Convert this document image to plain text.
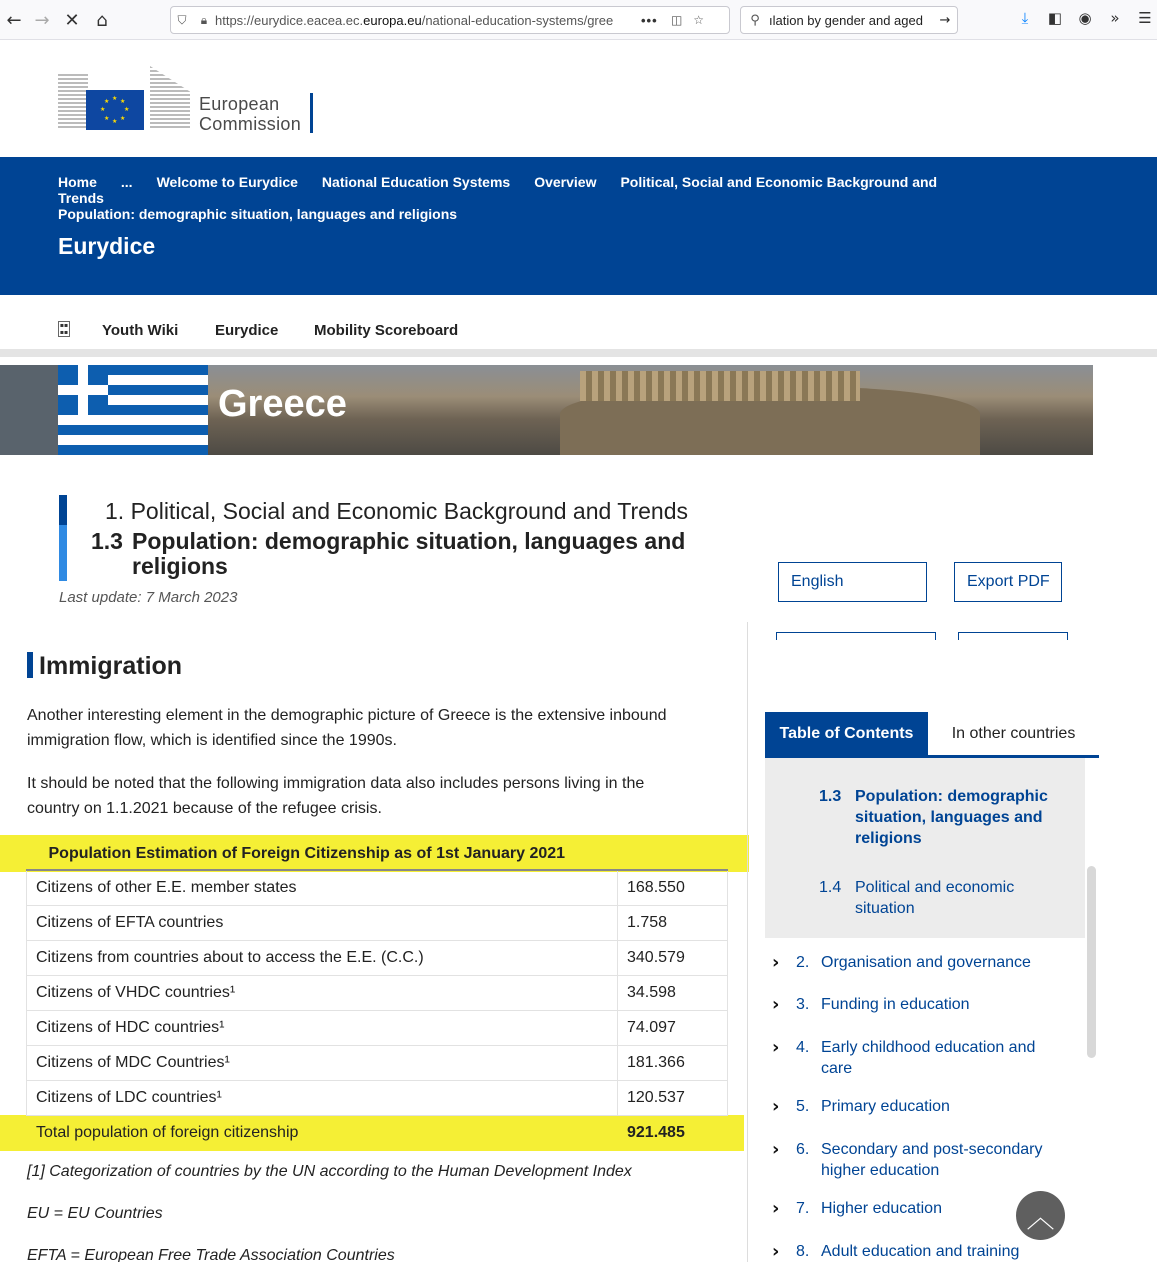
← → ✕ ⌂	⛉	🔒︎ https://eurydice.eacea.ec.europa.eu/national-education-systems/gree	•••	◫ ☆	⚲ ılation by gender and aged	→	⤓	◧ ◉	»	☰
★ ★
★
★
★
★
★
★	European
Commission
Home ... Welcome to Eurydice National Education Systems Overview Political, Social and Economic Background and Trends
Population: demographic situation, languages and religions
Eurydice
▪▪
▪▪ Youth Wiki Eurydice Mobility Scoreboard
Greece
1. Political, Social and Economic Background and Trends
1.3 Population: demographic situation, languages and
religions
Last update: 7 March 2023
English	Export PDF
Immigration
Another interesting element in the demographic picture of Greece is the extensive inbound
immigration flow, which is identified since the 1990s.
It should be noted that the following immigration data also includes persons living in the
country on 1.1.2021 because of the refugee crisis.
Population Estimation of Foreign Citizenship as of 1st January 2021	
Citizens of other E.E. member states	168.550
Citizens of EFTA countries	1.758
Citizens from countries about to access the E.E. (C.C.)	340.579
Citizens of VHDC countries¹	34.598
Citizens of HDC countries¹	74.097
Citizens of MDC Countries¹	181.366
Citizens of LDC countries¹	120.537
Total population of foreign citizenship	921.485
[1] Categorization of countries by the UN according to the Human Development Index
EU = EU Countries
EFTA = European Free Trade Association Countries
Table of Contents	In other countries
1.3 Population: demographic situation, languages and religions
1.4 Political and economic situation
› 2. Organisation and governance
› 3. Funding in education
› 4. Early childhood education and care
› 5. Primary education
› 6. Secondary and post-secondary higher education
› 7. Higher education
› 8. Adult education and training
︿
